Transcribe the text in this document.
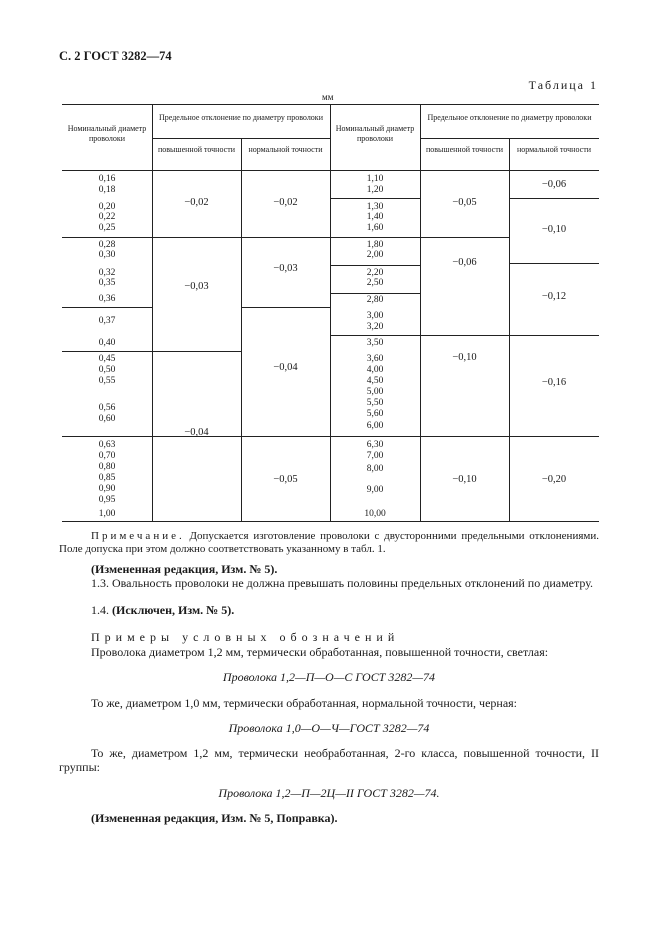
С. 2 ГОСТ 3282—74
Таблица 1
мм
Номинальный диаметр проволоки
Предельное отклонение по диаметру проволоки
повышенной точности	нормальной точности
Номинальный диаметр проволоки
Предельное отклонение по диаметру проволоки
повышенной точности	нормальной точности
0,16
0,18
0,20
0,22
0,25
0,28
0,30
0,32
0,35
0,36
0,37
0,40
0,45
0,50
0,55
0,56
0,60
0,63
0,70
0,80
0,85
0,90
0,95
1,00
−0,02
−0,03
−0,04
−0,02
−0,03
−0,04
−0,05
1,10
1,20
1,30
1,40
1,60
1,80
2,00
2,20
2,50
2,80
3,00
3,20
3,50
3,60
4,00
4,50
5,00
5,50
5,60
6,00
6,30
7,00
8,00
9,00
10,00
−0,05
−0,06
−0,10
−0,10
−0,06
−0,10
−0,12
−0,16
−0,20
Примечание. Допускается изготовление проволоки с двусторонними предельными отклонениями. Поле допуска при этом должно соответствовать указанному в табл. 1.
(Измененная редакция, Изм. № 5).
1.3. Овальность проволоки не должна превышать половины предельных отклонений по диаметру.
1.4. (Исключен, Изм. № 5).
Примеры условных обозначений
Проволока диаметром 1,2 мм, термически обработанная, повышенной точности, светлая:
Проволока 1,2—П—О—С ГОСТ 3282—74
То же, диаметром 1,0 мм, термически обработанная, нормальной точности, черная:
Проволока 1,0—О—Ч—ГОСТ 3282—74
То же, диаметром 1,2 мм, термически необработанная, 2-го класса, повышенной точности, II группы:
Проволока 1,2—П—2Ц—II ГОСТ 3282—74.
(Измененная редакция, Изм. № 5, Поправка).
